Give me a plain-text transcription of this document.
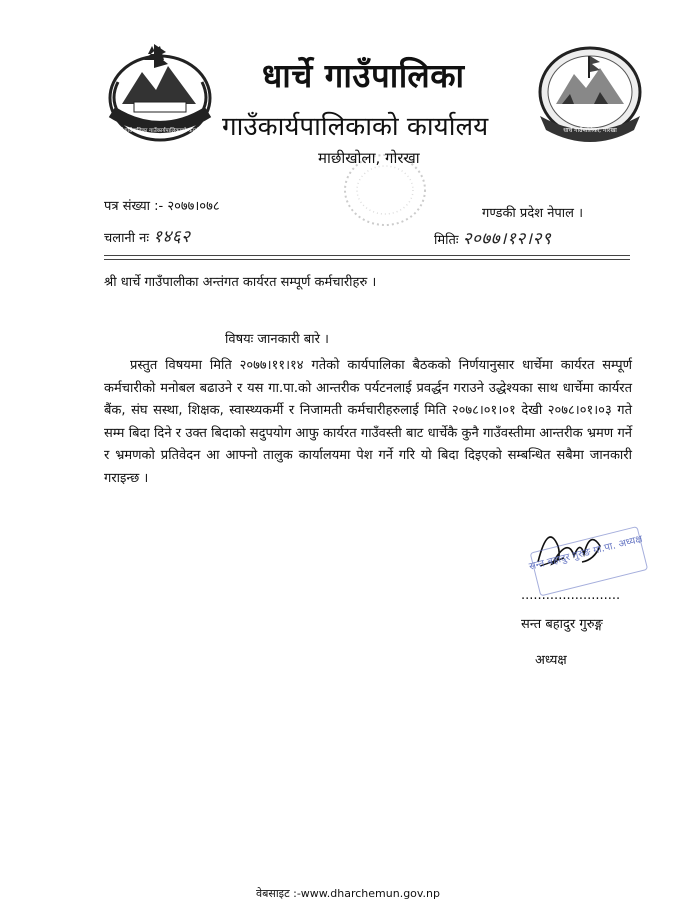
धार्चे गाउँपालिका गाउँकार्यपालिकाको कार्यालय	धार्चे गाउँपालिका, गोरखा
धार्चे गाउँपालिका
गाउँकार्यपालिकाको कार्यालय
माछीखोला, गोरखा
पत्र संख्या :- २०७७।०७८
चलानी नः १४६२
गण्डकी प्रदेश नेपाल ।
मितिः २०७७।१२।२९
श्री धार्चे गाउँपालीका अन्तंगत कार्यरत सम्पूर्ण कर्मचारीहरु ।
विषयः जानकारी बारे ।
प्रस्तुत विषयमा मिति २०७७।११।१४ गतेको कार्यपालिका बैठकको निर्णयानुसार धार्चेमा कार्यरत सम्पूर्ण कर्मचारीको मनोबल बढाउने र यस गा.पा.को आन्तरीक पर्यटनलाई प्रवर्द्धन गराउने उद्धेश्यका साथ धार्चेमा कार्यरत बैंक, संघ सस्था, शिक्षक, स्वास्थ्यकर्मी र निजामती कर्मचारीहरुलाई मिति २०७८।०१।०१ देखी २०७८।०१।०३ गते सम्म बिदा दिने र उक्त बिदाको सदुपयोग आफु कार्यरत गाउँवस्ती बाट धार्चेकै कुनै गाउँवस्तीमा आन्तरीक भ्रमण गर्ने र भ्रमणको प्रतिवेदन आ आफ्नो तालुक कार्यालयमा पेश गर्ने गरि यो बिदा दिइएको सम्बन्धित सबैमा जानकारी गराइन्छ ।
सन्त बहादुर गुरुङ गा.पा. अध्यक्ष
........................
सन्त बहादुर गुरुङ्ग
अध्यक्ष
वेबसाइट :-www.dharchemun.gov.np
